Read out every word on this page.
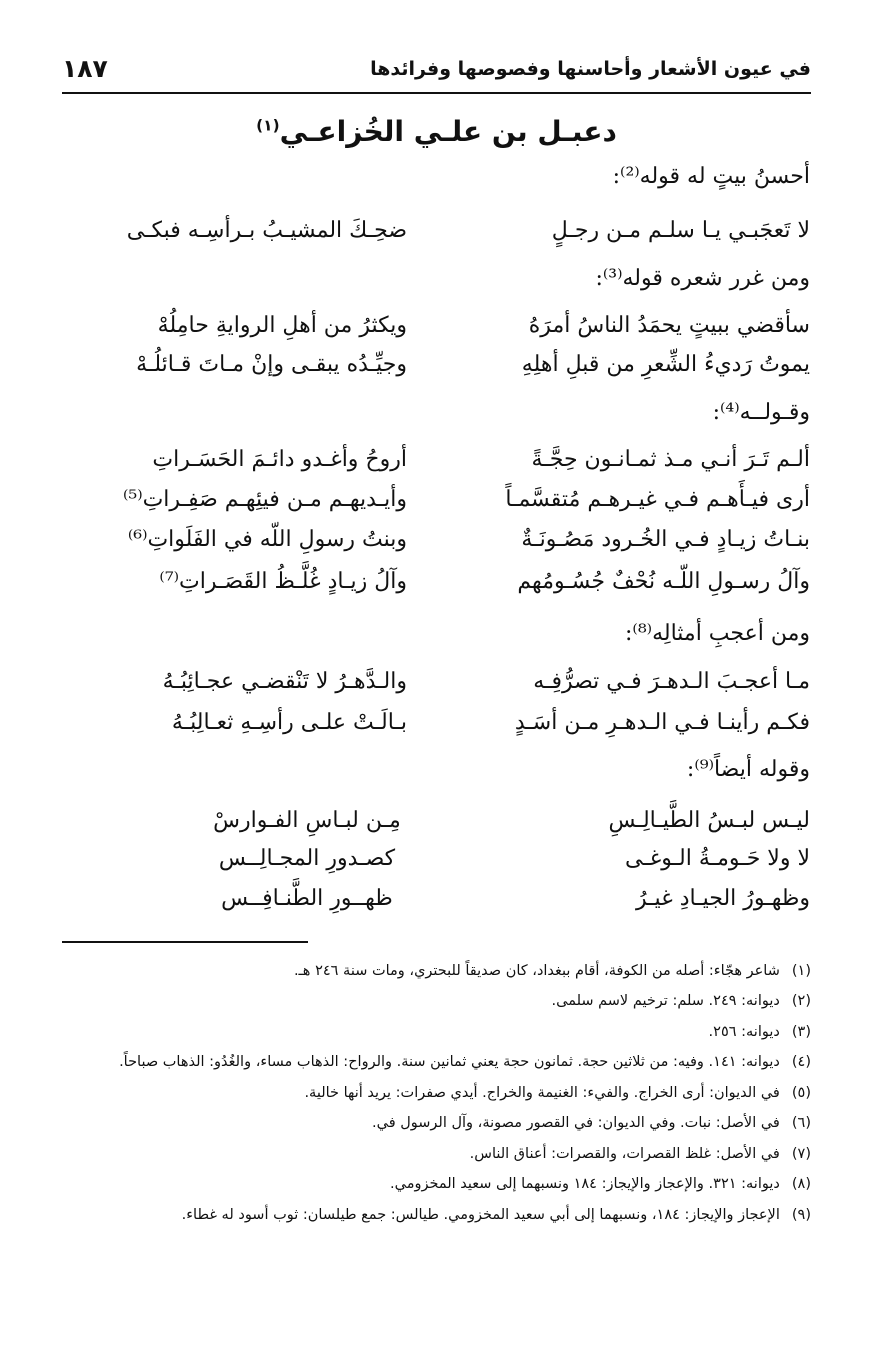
في عيون الأشعار وأحاسنها وفصوصها وفرائدها
١٨٧
دعبـل بن علـي الخُزاعـي$^{(١)}$
أحسنُ بيتٍ له قوله⁽²⁾:
لا تَعجَبـي يـا سلـم مـن رجـلٍ
ضحِـكَ المشيـبُ بـرأسِـه فبكـى
ومن غرر شعره قوله⁽³⁾:
سأقضي ببيتٍ يحمَدُ الناسُ أمرَهُ
ويكثرُ من أهلِ الروايةِ حامِلُهْ
يموتُ رَديءُ الشِّعرِ من قبلِ أهلِهِ
وجيِّـدُه يبقـى وإنْ مـاتَ قـائلُـهْ
وقـولــه⁽⁴⁾:
ألـم تَـرَ أنـي مـذ ثمـانـون حِجَّـةً
أروحُ وأغـدو دائـمَ الحَسَـراتِ
أرى فيـأَهـم فـي غيـرهـم مُتقسَّمـاً
وأيـديهـم مـن فيئِهـم صَفِـراتِ⁽⁵⁾
بنـاتُ زيـادٍ فـي الخُـرود مَصُـونَـةٌ
وبنتُ رسولِ اللّه في الفَلَواتِ⁽⁶⁾
وآلُ رسـولِ اللّـه نُحْفٌ جُسُـومُهم
وآلُ زيـادٍ غُلَّـظُ القَصَـراتِ⁽⁷⁾
ومن أعجبِ أمثالِه⁽⁸⁾:
مـا أعجـبَ الـدهـرَ فـي تصرُّفِـه
والـدَّهـرُ لا تَنْقضـي عجـائِبُـهُ
فكـم رأينـا فـي الـدهـرِ مـن أسَـدٍ
بـالَـتْ علـى رأسِـهِ ثعـالِبُـهُ
وقوله أيضاً⁽⁹⁾:
ليـس لبـسُ الطَّيـالِـسِ
مِـن لبـاسِ الفـوارسْ
لا ولا حَـومـةُ الـوغـى
كصـدورِ المجـالِــس
وظهـورُ الجيـادِ غيـرُ
ظهــورِ الطَّنـافِــس
(١)
شاعر هجّاء: أصله من الكوفة، أقام ببغداد، كان صديقاً للبحتري، ومات سنة ٢٤٦ هـ.
(٢)
ديوانه: ٢٤٩. سلم: ترخيم لاسم سلمى.
(٣)
ديوانه: ٢٥٦.
(٤)
ديوانه: ١٤١. وفيه: من ثلاثين حجة. ثمانون حجة يعني ثمانين سنة. والرواح: الذهاب مساء، والغُدُو: الذهاب صباحاً.
(٥)
في الديوان: أرى الخراج. والفيء: الغنيمة والخراج. أيدي صفرات: يريد أنها خالية.
(٦)
في الأصل: نبات. وفي الديوان: في القصور مصونة، وآل الرسول في.
(٧)
في الأصل: غلظ القصرات، والقصرات: أعناق الناس.
(٨)
ديوانه: ٣٢١. والإعجاز والإيجاز: ١٨٤ ونسبهما إلى سعيد المخزومي.
(٩)
الإعجاز والإيجاز: ١٨٤، ونسبهما إلى أبي سعيد المخزومي. طيالس: جمع طيلسان: ثوب أسود له غطاء.
